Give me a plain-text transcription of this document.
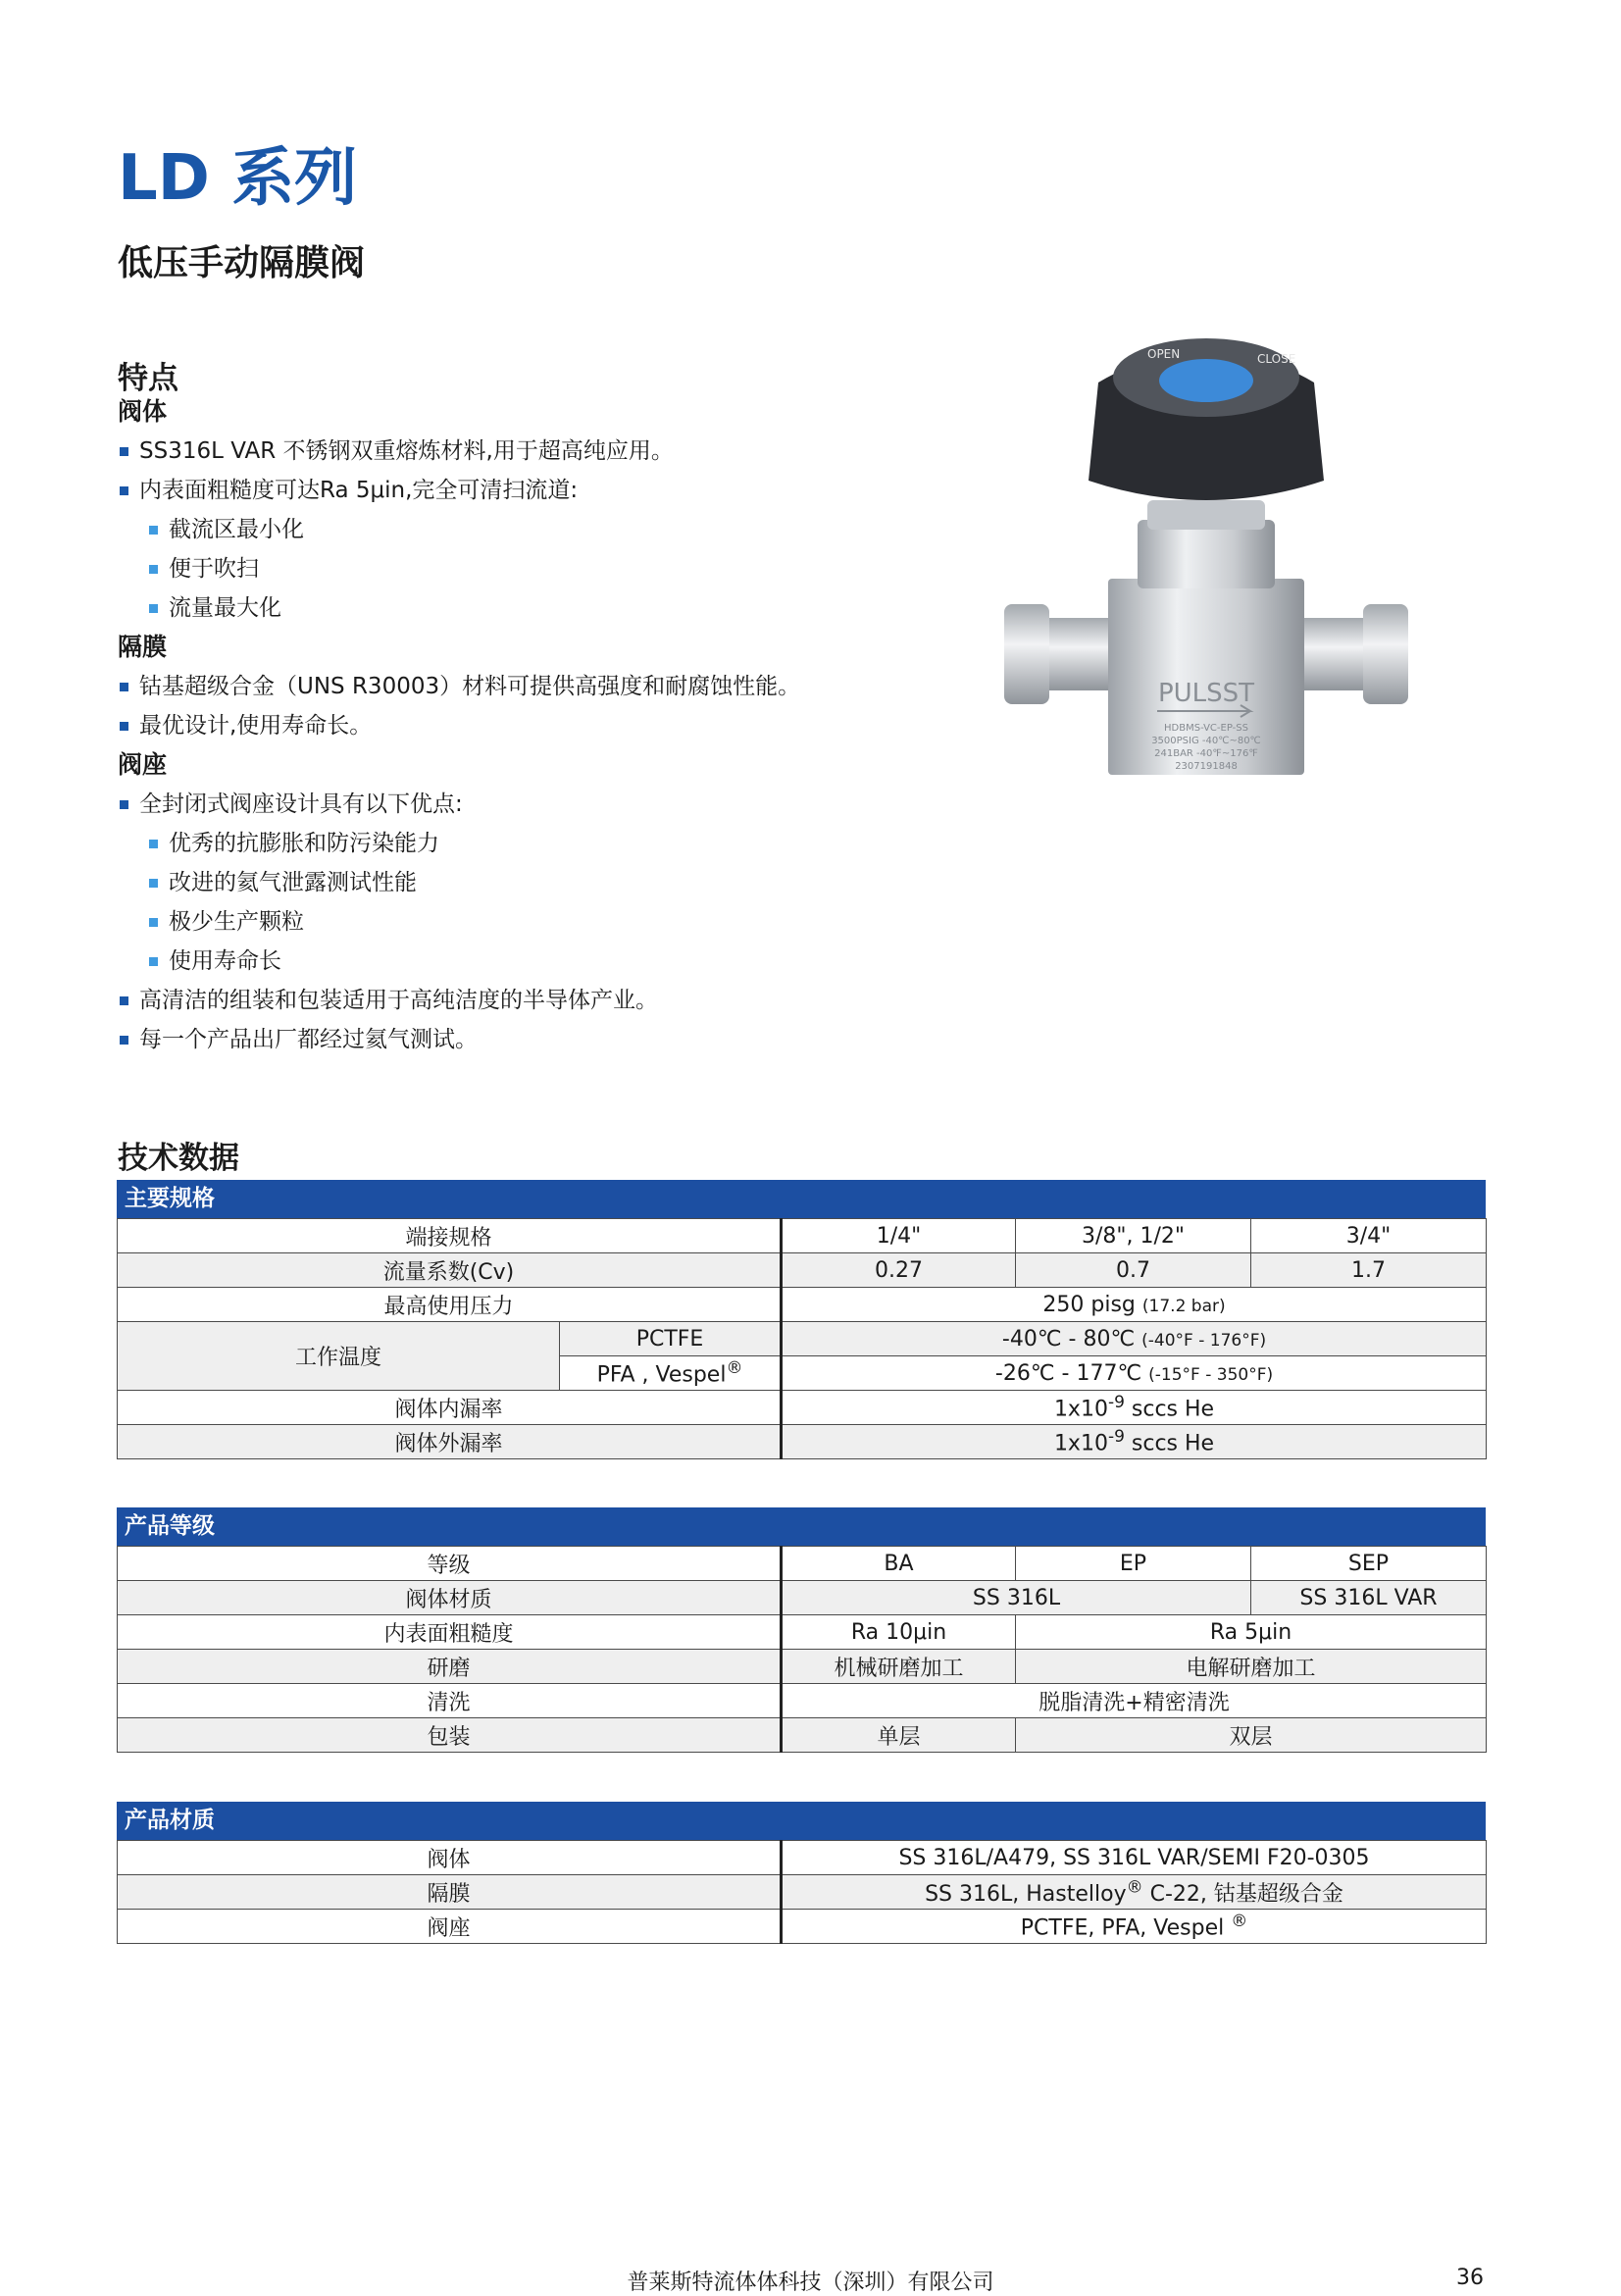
LD 系列
低压手动隔膜阀
特点
阀体
SS316L VAR 不锈钢双重熔炼材料,用于超高纯应用。
内表面粗糙度可达Ra 5μin,完全可清扫流道:
截流区最小化
便于吹扫
流量最大化
隔膜
钴基超级合金（UNS R30003）材料可提供高强度和耐腐蚀性能。
最优设计,使用寿命长。
阀座
全封闭式阀座设计具有以下优点:
优秀的抗膨胀和防污染能力
改进的氦气泄露测试性能
极少生产颗粒
使用寿命长
高清洁的组装和包装适用于高纯洁度的半导体产业。
每一个产品出厂都经过氦气测试。
OPEN	CLOSE
PULSST
HDBMS-VC-EP-SS
3500PSIG -40℃~80℃
241BAR -40℉~176℉
2307191848
技术数据
主要规格
端接规格		1/4"	3/8", 1/2"	3/4"
流量系数(Cv)		0.27	0.7	1.7
最高使用压力		250 pisg (17.2 bar)		
工作温度	PCTFE	-40℃ - 80℃ (-40°F - 176°F)		
	PFA , Vespel®	-26℃ - 177℃ (-15°F - 350°F)		
阀体内漏率		$1x10^{-9}$ sccs He		
阀体外漏率		$1x10^{-9}$ sccs He		
产品等级
等级	BA	EP	SEP
阀体材质	SS 316L		SS 316L VAR
内表面粗糙度	Ra 10μin	Ra 5μin	
研磨	机械研磨加工	电解研磨加工	
清洗	脱脂清洗+精密清洗		
包装	单层	双层	
产品材质
阀体	SS 316L/A479, SS 316L VAR/SEMI F20-0305
隔膜	SS 316L, Hastelloy® C-22, 钴基超级合金
阀座	PCTFE, PFA, Vespel ®
普莱斯特流体体科技（深圳）有限公司	36
